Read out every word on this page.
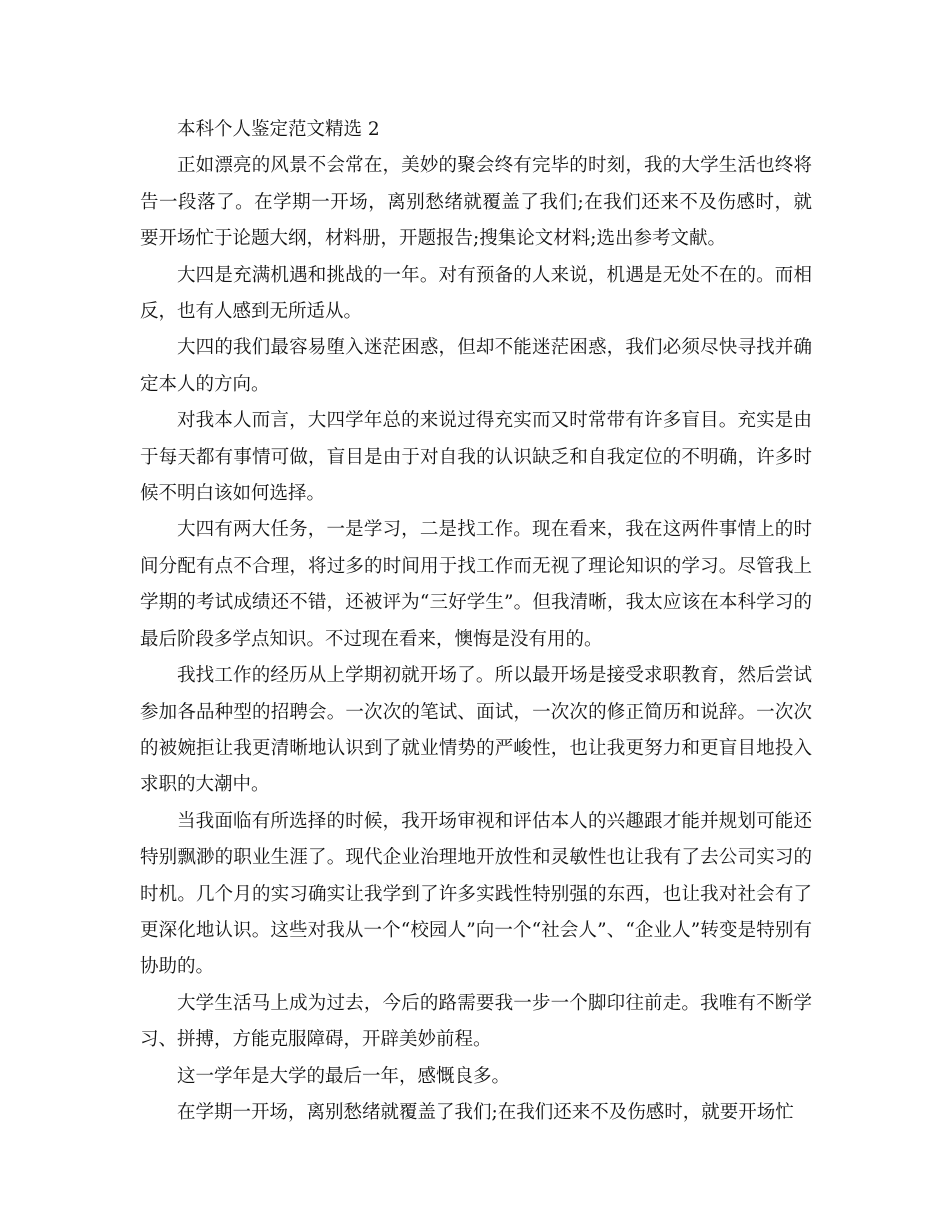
本科个人鉴定范文精选 2

正如漂亮的风景不会常在，美妙的聚会终有完毕的时刻，我的大学生活也终将告一段落了。在学期一开场，离别愁绪就覆盖了我们;在我们还来不及伤感时，就要开场忙于论题大纲，材料册，开题报告;搜集论文材料;选出参考文献。

大四是充满机遇和挑战的一年。对有预备的人来说，机遇是无处不在的。而相反，也有人感到无所适从。

大四的我们最容易堕入迷茫困惑，但却不能迷茫困惑，我们必须尽快寻找并确定本人的方向。

对我本人而言，大四学年总的来说过得充实而又时常带有许多盲目。充实是由于每天都有事情可做，盲目是由于对自我的认识缺乏和自我定位的不明确，许多时候不明白该如何选择。

大四有两大任务，一是学习，二是找工作。现在看来，我在这两件事情上的时间分配有点不合理，将过多的时间用于找工作而无视了理论知识的学习。尽管我上学期的考试成绩还不错，还被评为“三好学生”。但我清晰，我太应该在本科学习的最后阶段多学点知识。不过现在看来，懊悔是没有用的。

我找工作的经历从上学期初就开场了。所以最开场是接受求职教育，然后尝试参加各品种型的招聘会。一次次的笔试、面试，一次次的修正简历和说辞。一次次的被婉拒让我更清晰地认识到了就业情势的严峻性，也让我更努力和更盲目地投入求职的大潮中。

当我面临有所选择的时候，我开场审视和评估本人的兴趣跟才能并规划可能还特别飘渺的职业生涯了。现代企业治理地开放性和灵敏性也让我有了去公司实习的时机。几个月的实习确实让我学到了许多实践性特别强的东西，也让我对社会有了更深化地认识。这些对我从一个“校园人”向一个“社会人”、“企业人”转变是特别有协助的。

大学生活马上成为过去，今后的路需要我一步一个脚印往前走。我唯有不断学习、拼搏，方能克服障碍，开辟美妙前程。

这一学年是大学的最后一年，感慨良多。

在学期一开场，离别愁绪就覆盖了我们;在我们还来不及伤感时，就要开场忙
